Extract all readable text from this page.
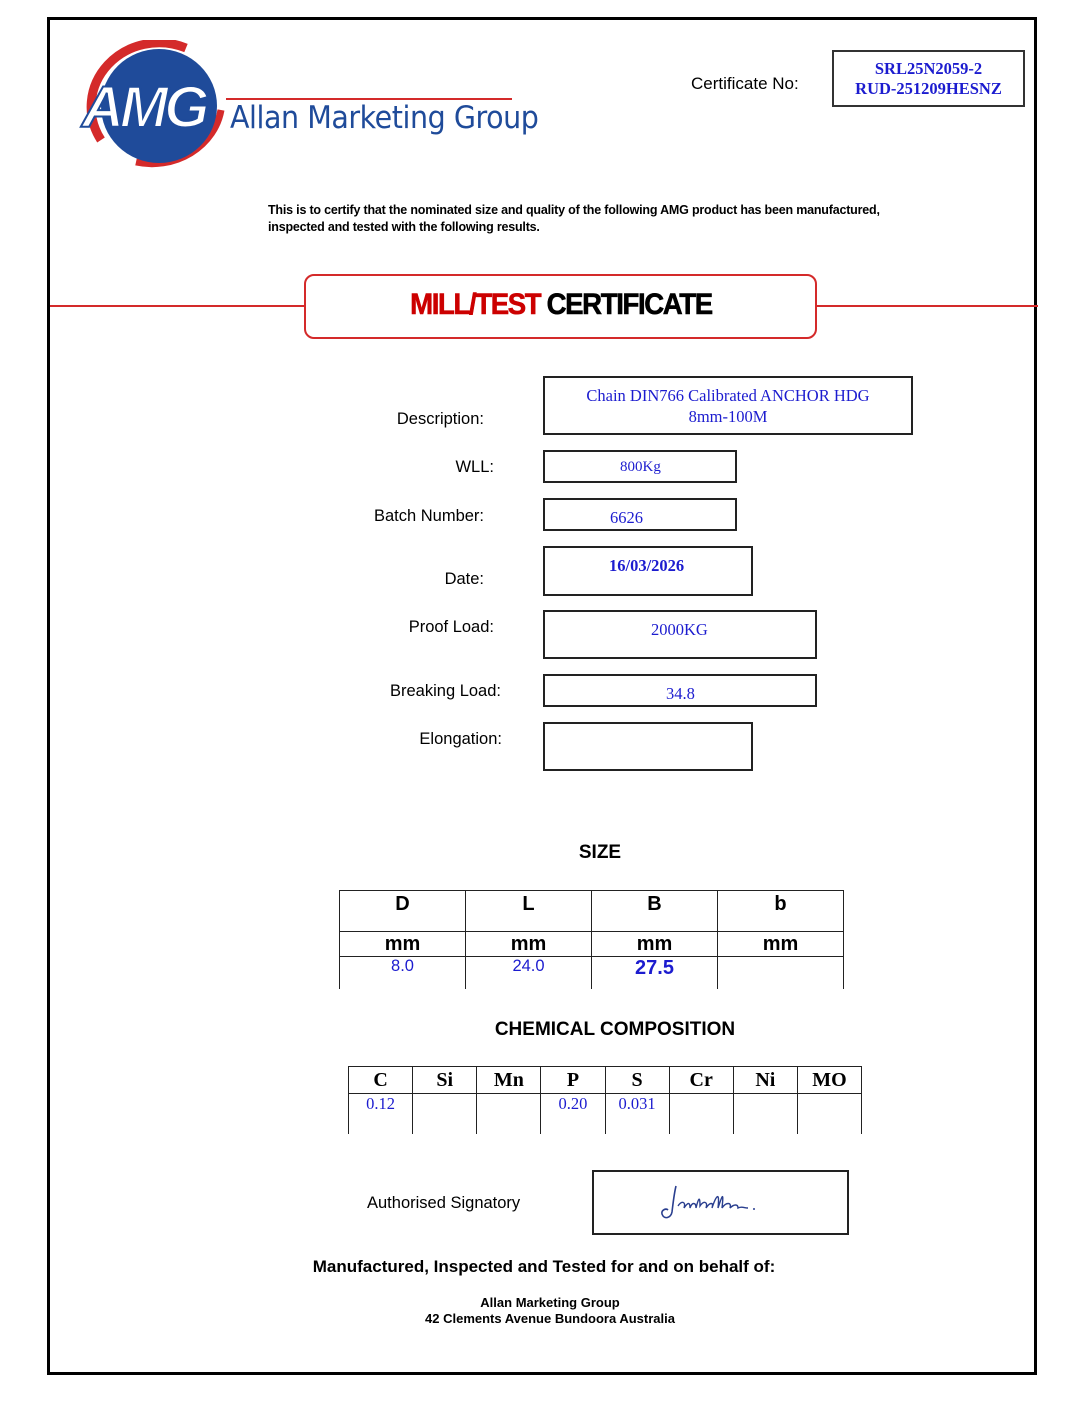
AMG Allan Marketing Group
Certificate No:
SRL25N2059-2
RUD-251209HESNZ
This is to certify that the nominated size and quality of the following AMG product has been manufactured,
inspected and tested with the following results.
MILL/TEST CERTIFICATE
Description:
Chain DIN766 Calibrated ANCHOR HDG
8mm-100M
WLL:	800Kg
Batch Number:	6626
Date:
16/03/2026
Proof Load:	2000KG
Breaking Load:	34.8
Elongation:
SIZE
D	L	B	b
mm	mm	mm	mm
8.0	24.0	27.5	
CHEMICAL COMPOSITION
C	Si	Mn	P	S	Cr	Ni	MO
0.12			0.20	0.031			
Authorised Signatory
Manufactured, Inspected and Tested for and on behalf of:
Allan Marketing Group
42 Clements Avenue Bundoora Australia
